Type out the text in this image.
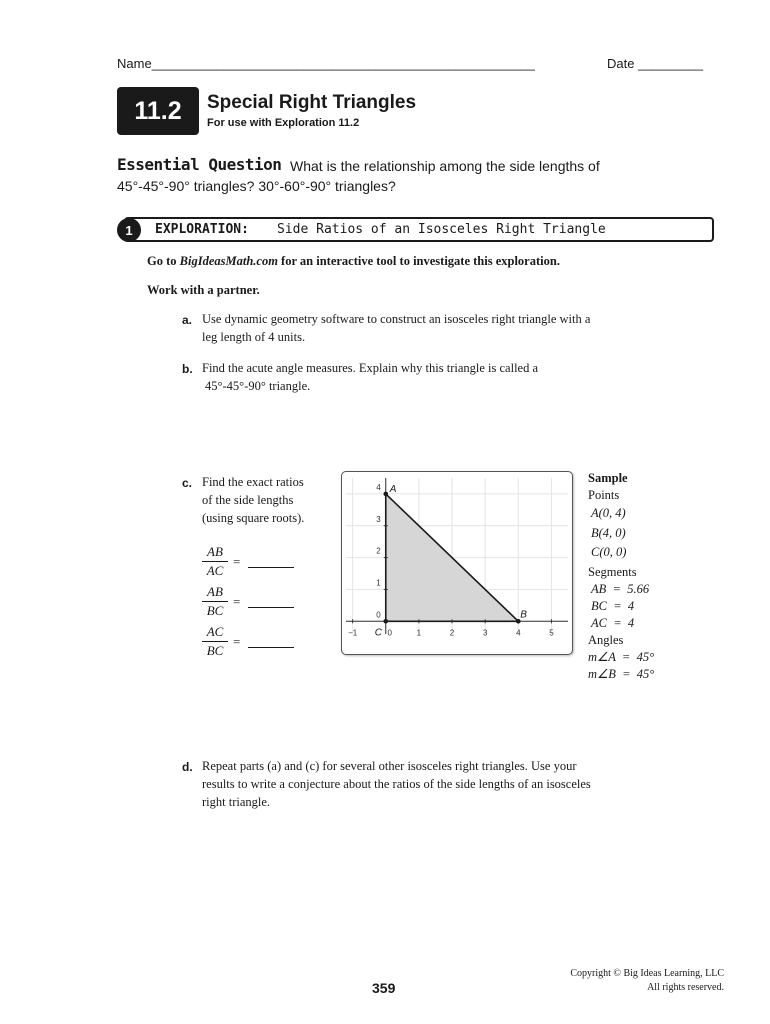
Name_____________________________________________________	Date _________
11.2	Special Right Triangles
For use with Exploration 11.2
Essential Question What is the relationship among the side lengths of
45°-45°-90° triangles? 30°-60°-90° triangles?
1	EXPLORATION: Side Ratios of an Isosceles Right Triangle
Go to BigIdeasMath.com for an interactive tool to investigate this exploration.
Work with a partner.
a. Use dynamic geometry software to construct an isosceles right triangle with a
leg length of 4 units.
b. Find the acute angle measures. Explain why this triangle is called a
45°-45°-90° triangle.
c. Find the exact ratios
of the side lengths
(using square roots).
$\frac{AB}{AC}$ =
$\frac{AB}{BC}$ =
$\frac{AC}{BC}$ =
−1	0	1	2	3	4	5
0
1
2
3
4 A
B
C
Sample
Points
A(0, 4)
B(4, 0)
C(0, 0)
Segments
AB  =  5.66
BC  =  4
AC  =  4
Angles
m∠A  =  45°
m∠B  =  45°
d. Repeat parts (a) and (c) for several other isosceles right triangles. Use your
results to write a conjecture about the ratios of the side lengths of an isosceles
right triangle.
359
Copyright © Big Ideas Learning, LLC
All rights reserved.
